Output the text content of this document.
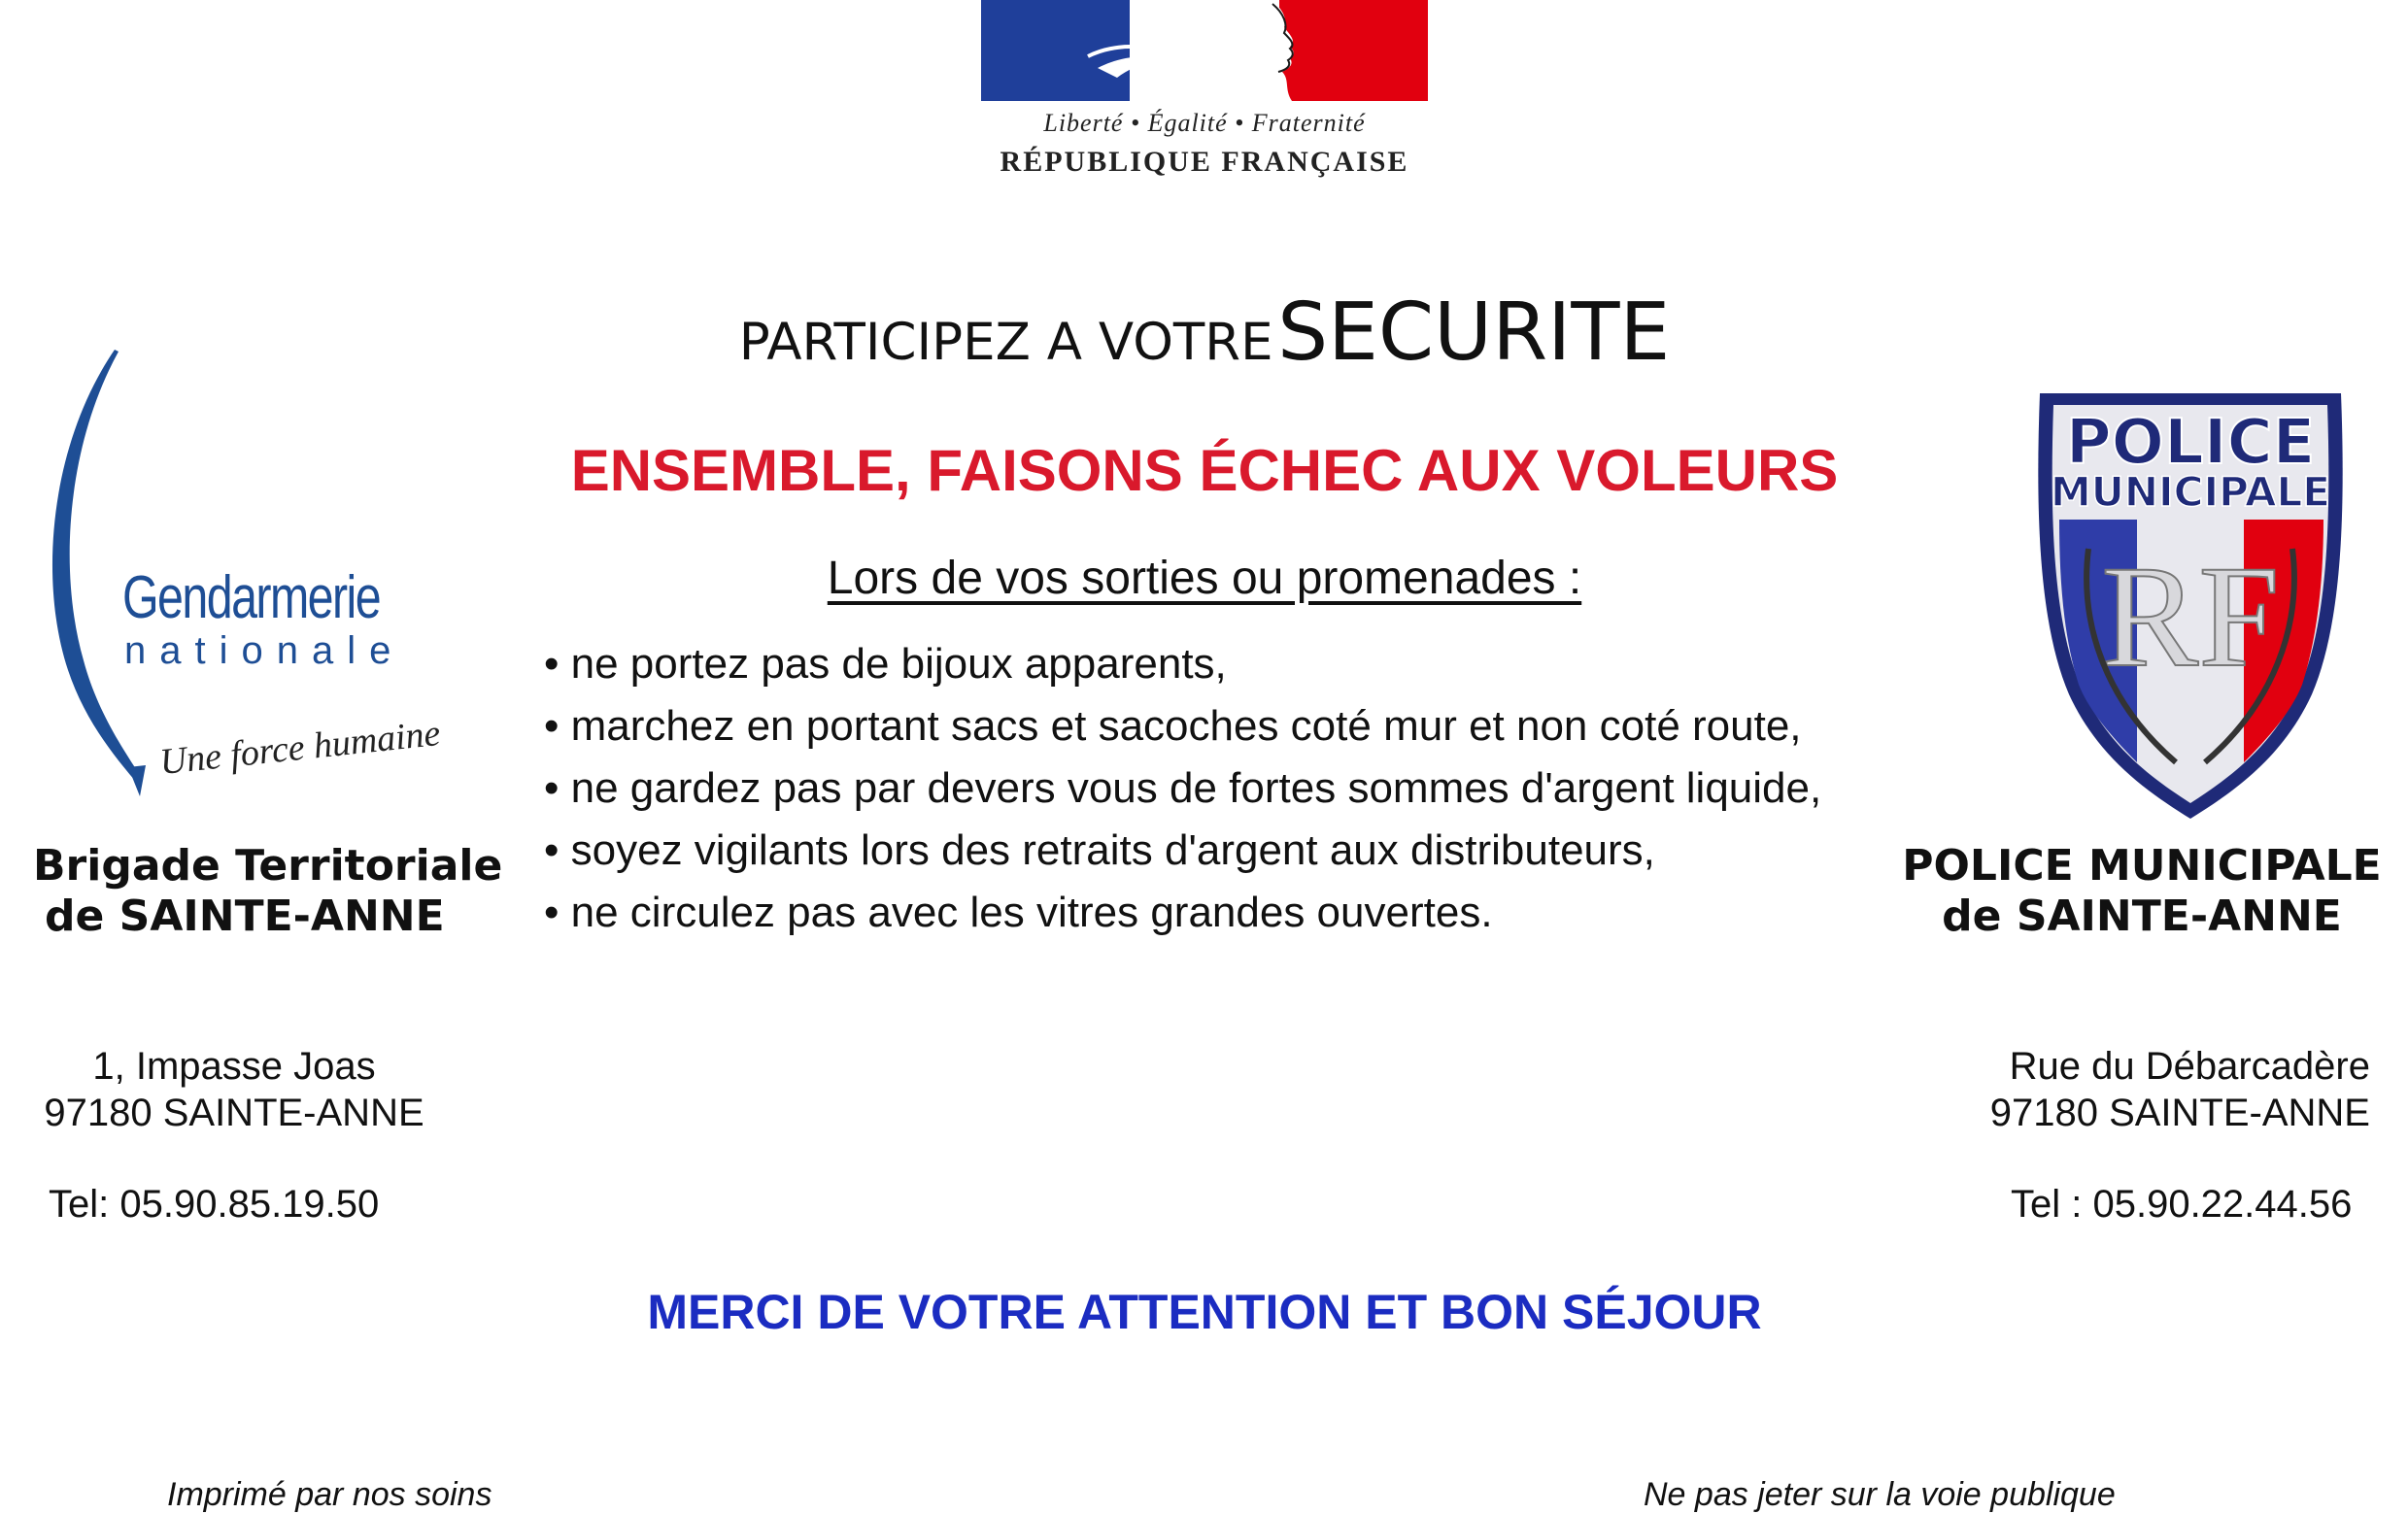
Liberté • Égalité • Fraternité
RÉPUBLIQUE FRANÇAISE
PARTICIPEZ A VOTRE SECURITE
ENSEMBLE, FAISONS ÉCHEC AUX VOLEURS
Lors de vos sorties ou promenades :
• ne portez pas de bijoux apparents,
• marchez en portant sacs et sacoches coté mur et non coté route,
• ne gardez pas par devers vous de fortes sommes d'argent liquide,
• soyez vigilants lors des retraits d'argent aux distributeurs,
• ne circulez pas avec les vitres grandes ouvertes.
Gendarmerie
nationale
Une force humaine
Brigade Territoriale
de SAINTE-ANNE
1, Impasse Joas
97180 SAINTE-ANNE
Tel: 05.90.85.19.50
POLICE
MUNICIPALE
RF
POLICE MUNICIPALE
de SAINTE-ANNE
Rue du Débarcadère
97180 SAINTE-ANNE
Tel : 05.90.22.44.56
MERCI DE VOTRE ATTENTION ET BON SÉJOUR
Imprimé par nos soins	Ne pas jeter sur la voie publique
